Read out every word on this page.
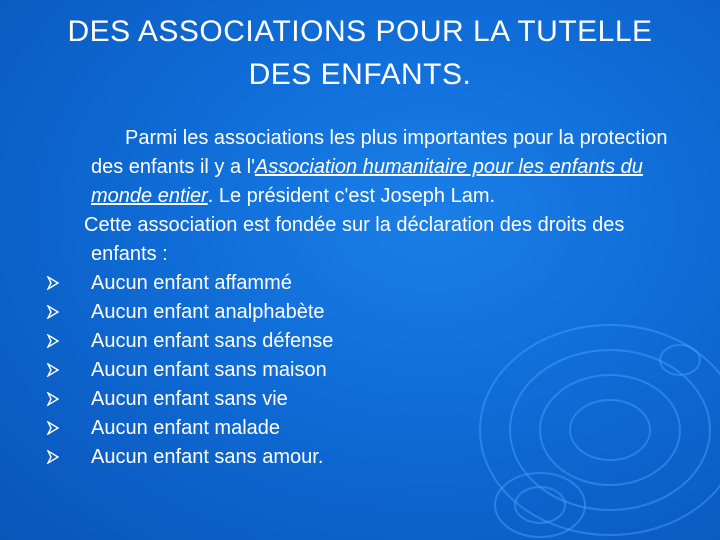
DES ASSOCIATIONS POUR LA TUTELLE
DES ENFANTS.

Parmi les associations les plus importantes pour la protection des enfants il y a l'Association humanitaire pour les enfants du monde entier. Le président c'est Joseph Lam.

Cette association est fondée sur la déclaration des droits des enfants :

Aucun enfant affammé
Aucun enfant analphabète
Aucun enfant sans défense
Aucun enfant sans maison
Aucun enfant sans vie
Aucun enfant malade
Aucun enfant sans amour.
